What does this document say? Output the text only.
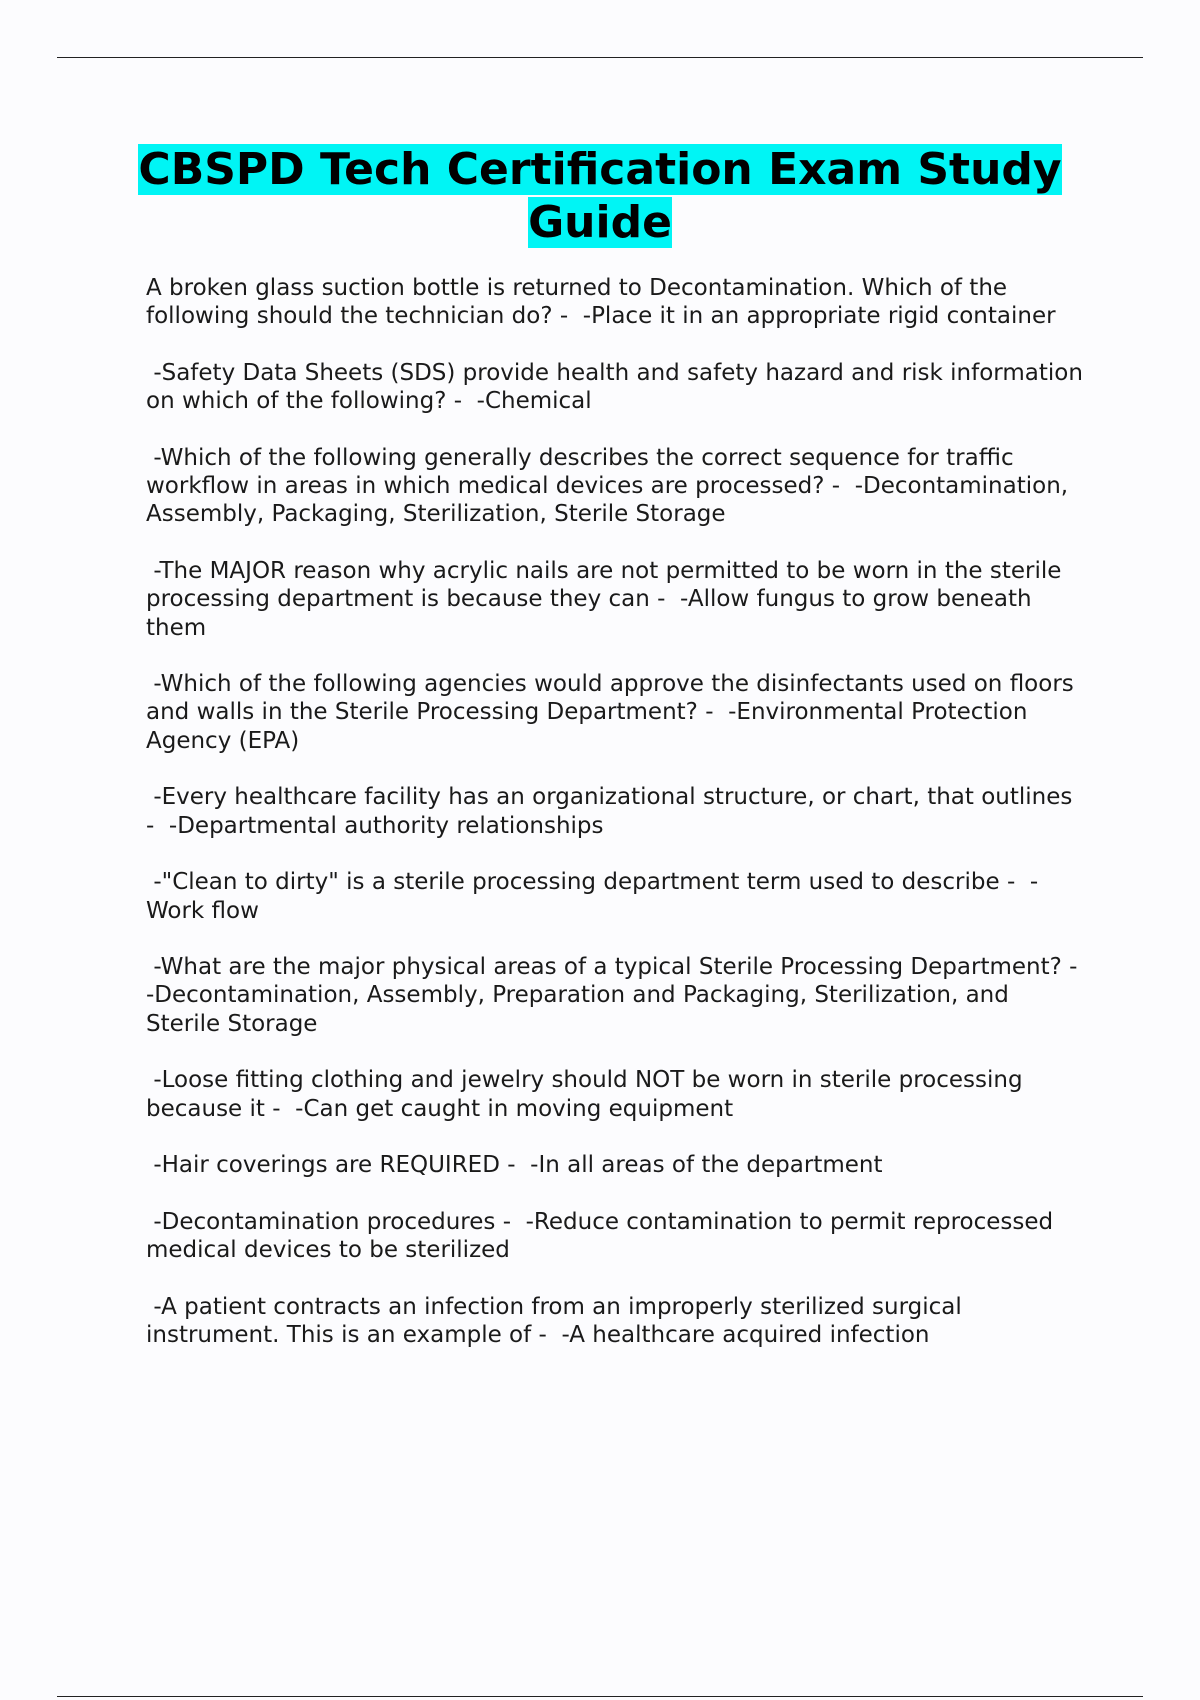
CBSPD Tech Certification Exam Study Guide

A broken glass suction bottle is returned to Decontamination. Which of the following should the technician do? -  -Place it in an appropriate rigid container

-Safety Data Sheets (SDS) provide health and safety hazard and risk information on which of the following? -  -Chemical

-Which of the following generally describes the correct sequence for traffic workflow in areas in which medical devices are processed? -  -Decontamination, Assembly, Packaging, Sterilization, Sterile Storage

-The MAJOR reason why acrylic nails are not permitted to be worn in the sterile processing department is because they can -  -Allow fungus to grow beneath them

-Which of the following agencies would approve the disinfectants used on floors and walls in the Sterile Processing Department? -  -Environmental Protection Agency (EPA)

-Every healthcare facility has an organizational structure, or chart, that outlines -  -Departmental authority relationships

-"Clean to dirty" is a sterile processing department term used to describe -  -Work flow

-What are the major physical areas of a typical Sterile Processing Department? -  -Decontamination, Assembly, Preparation and Packaging, Sterilization, and Sterile Storage

-Loose fitting clothing and jewelry should NOT be worn in sterile processing because it -  -Can get caught in moving equipment

-Hair coverings are REQUIRED -  -In all areas of the department

-Decontamination procedures -  -Reduce contamination to permit reprocessed medical devices to be sterilized

-A patient contracts an infection from an improperly sterilized surgical instrument. This is an example of -  -A healthcare acquired infection
